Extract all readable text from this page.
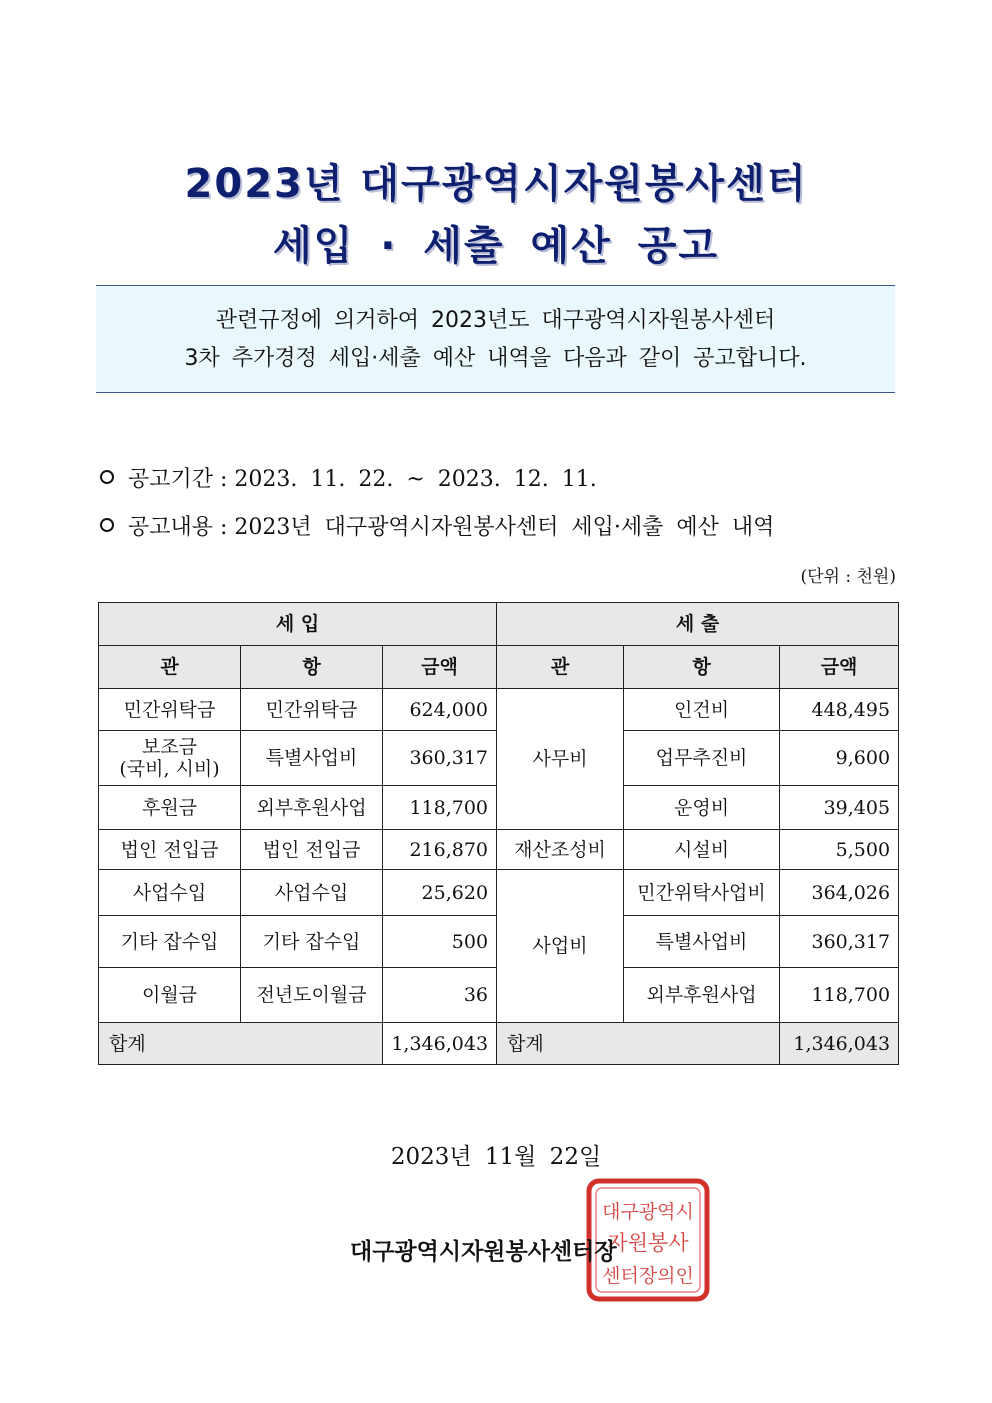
2023년 대구광역시자원봉사센터
세입 · 세출 예산 공고
관련규정에 의거하여 2023년도 대구광역시자원봉사센터
3차 추가경정 세입·세출 예산 내역을 다음과 같이 공고합니다.
공고기간 : 2023. 11. 22. ~ 2023. 12. 11.
공고내용 : 2023년 대구광역시자원봉사센터 세입·세출 예산 내역
(단위 : 천원)
세 입			세 출		
관	항	금액	관	항	금액
민간위탁금	민간위탁금	624,000	사무비	인건비	448,495

보조금
(국비, 시비)	특별사업비	360,317		업무추진비	9,600
후원금	외부후원사업	118,700		운영비	39,405
법인 전입금	법인 전입금	216,870	재산조성비	시설비	5,500
사업수입	사업수입	25,620	사업비	민간위탁사업비	364,026
기타 잡수입	기타 잡수입	500		특별사업비	360,317
이월금	전년도이월금	36		외부후원사업	118,700
합계		1,346,043	합계		1,346,043
2023년 11월 22일
대구광역시
자원봉사
센터장의인
대구광역시자원봉사센터장
